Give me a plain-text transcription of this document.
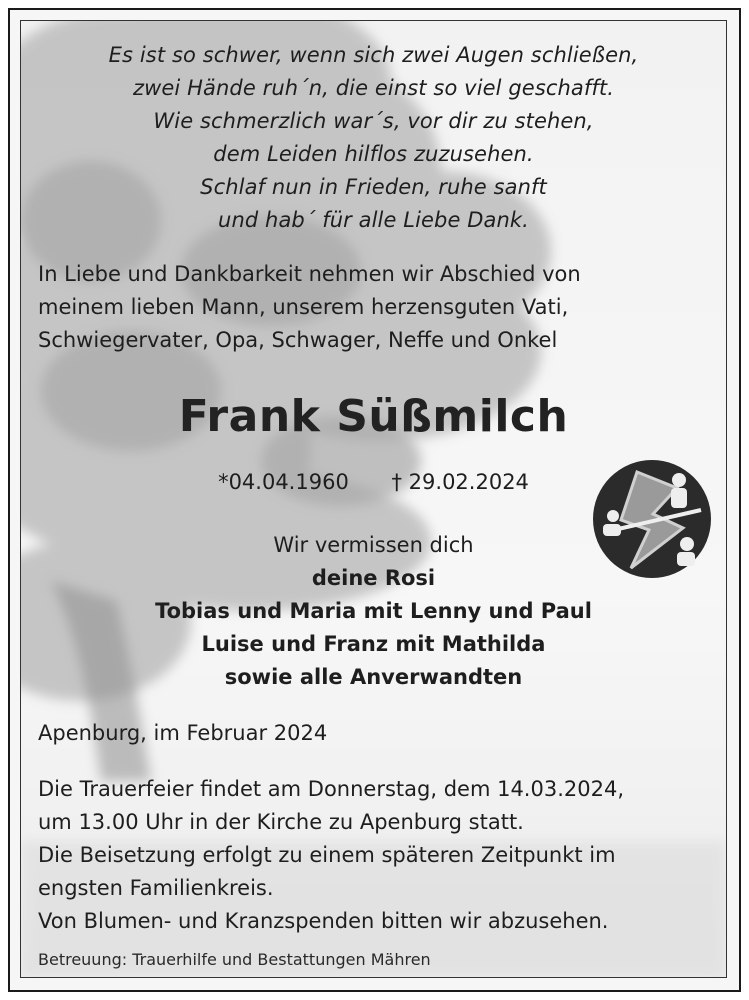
Es ist so schwer, wenn sich zwei Augen schließen,
zwei Hände ruh´n, die einst so viel geschafft.
Wie schmerzlich war´s, vor dir zu stehen,
dem Leiden hilflos zuzusehen.
Schlaf nun in Frieden, ruhe sanft
und hab´ für alle Liebe Dank.
In Liebe und Dankbarkeit nehmen wir Abschied von
meinem lieben Mann, unserem herzensguten Vati,
Schwiegervater, Opa, Schwager, Neffe und Onkel
Frank Süßmilch
*04.04.1960 † 29.02.2024
Wir vermissen dich
deine Rosi
Tobias und Maria mit Lenny und Paul
Luise und Franz mit Mathilda
sowie alle Anverwandten
Apenburg, im Februar 2024
Die Trauerfeier findet am Donnerstag, dem 14.03.2024,
um 13.00 Uhr in der Kirche zu Apenburg statt.
Die Beisetzung erfolgt zu einem späteren Zeitpunkt im
engsten Familienkreis.
Von Blumen- und Kranzspenden bitten wir abzusehen.
Betreuung: Trauerhilfe und Bestattungen Mähren
